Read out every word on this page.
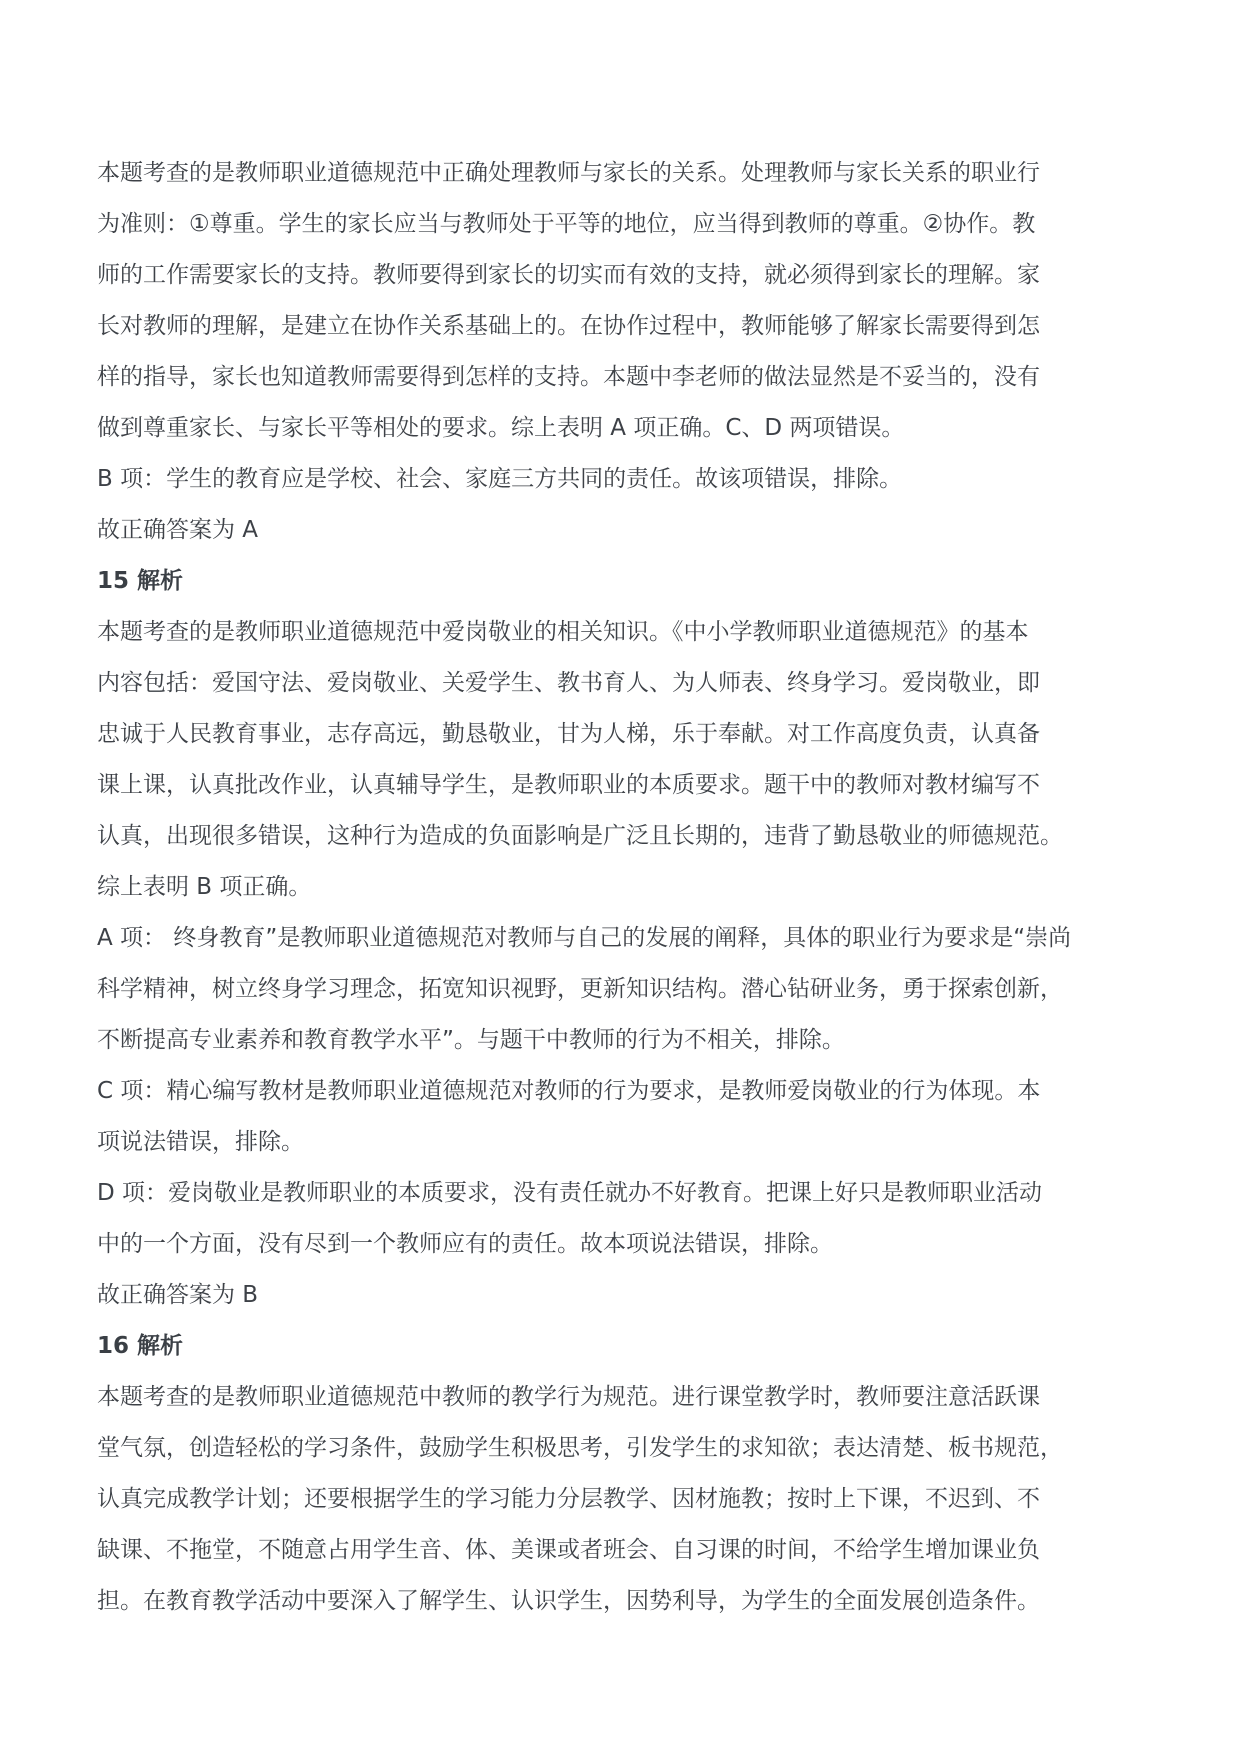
本题考查的是教师职业道德规范中正确处理教师与家长的关系。处理教师与家长关系的职业行
为准则：①尊重。学生的家长应当与教师处于平等的地位，应当得到教师的尊重。②协作。教
师的工作需要家长的支持。教师要得到家长的切实而有效的支持，就必须得到家长的理解。家
长对教师的理解，是建立在协作关系基础上的。在协作过程中，教师能够了解家长需要得到怎
样的指导，家长也知道教师需要得到怎样的支持。本题中李老师的做法显然是不妥当的，没有
做到尊重家长、与家长平等相处的要求。综上表明 A 项正确。C、D 两项错误。
B 项：学生的教育应是学校、社会、家庭三方共同的责任。故该项错误，排除。
故正确答案为 A
15 解析
本题考查的是教师职业道德规范中爱岗敬业的相关知识。《中小学教师职业道德规范》的基本
内容包括：爱国守法、爱岗敬业、关爱学生、教书育人、为人师表、终身学习。爱岗敬业，即
忠诚于人民教育事业，志存高远，勤恳敬业，甘为人梯，乐于奉献。对工作高度负责，认真备
课上课，认真批改作业，认真辅导学生，是教师职业的本质要求。题干中的教师对教材编写不
认真，出现很多错误，这种行为造成的负面影响是广泛且长期的，违背了勤恳敬业的师德规范。
综上表明 B 项正确。
A 项： 终身教育”是教师职业道德规范对教师与自己的发展的阐释，具体的职业行为要求是“崇尚
科学精神，树立终身学习理念，拓宽知识视野，更新知识结构。潜心钻研业务，勇于探索创新，
不断提高专业素养和教育教学水平”。与题干中教师的行为不相关，排除。
C 项：精心编写教材是教师职业道德规范对教师的行为要求，是教师爱岗敬业的行为体现。本
项说法错误，排除。
D 项：爱岗敬业是教师职业的本质要求，没有责任就办不好教育。把课上好只是教师职业活动
中的一个方面，没有尽到一个教师应有的责任。故本项说法错误，排除。
故正确答案为 B
16 解析
本题考查的是教师职业道德规范中教师的教学行为规范。进行课堂教学时，教师要注意活跃课
堂气氛，创造轻松的学习条件，鼓励学生积极思考，引发学生的求知欲；表达清楚、板书规范，
认真完成教学计划；还要根据学生的学习能力分层教学、因材施教；按时上下课，不迟到、不
缺课、不拖堂，不随意占用学生音、体、美课或者班会、自习课的时间，不给学生增加课业负
担。在教育教学活动中要深入了解学生、认识学生，因势利导，为学生的全面发展创造条件。
